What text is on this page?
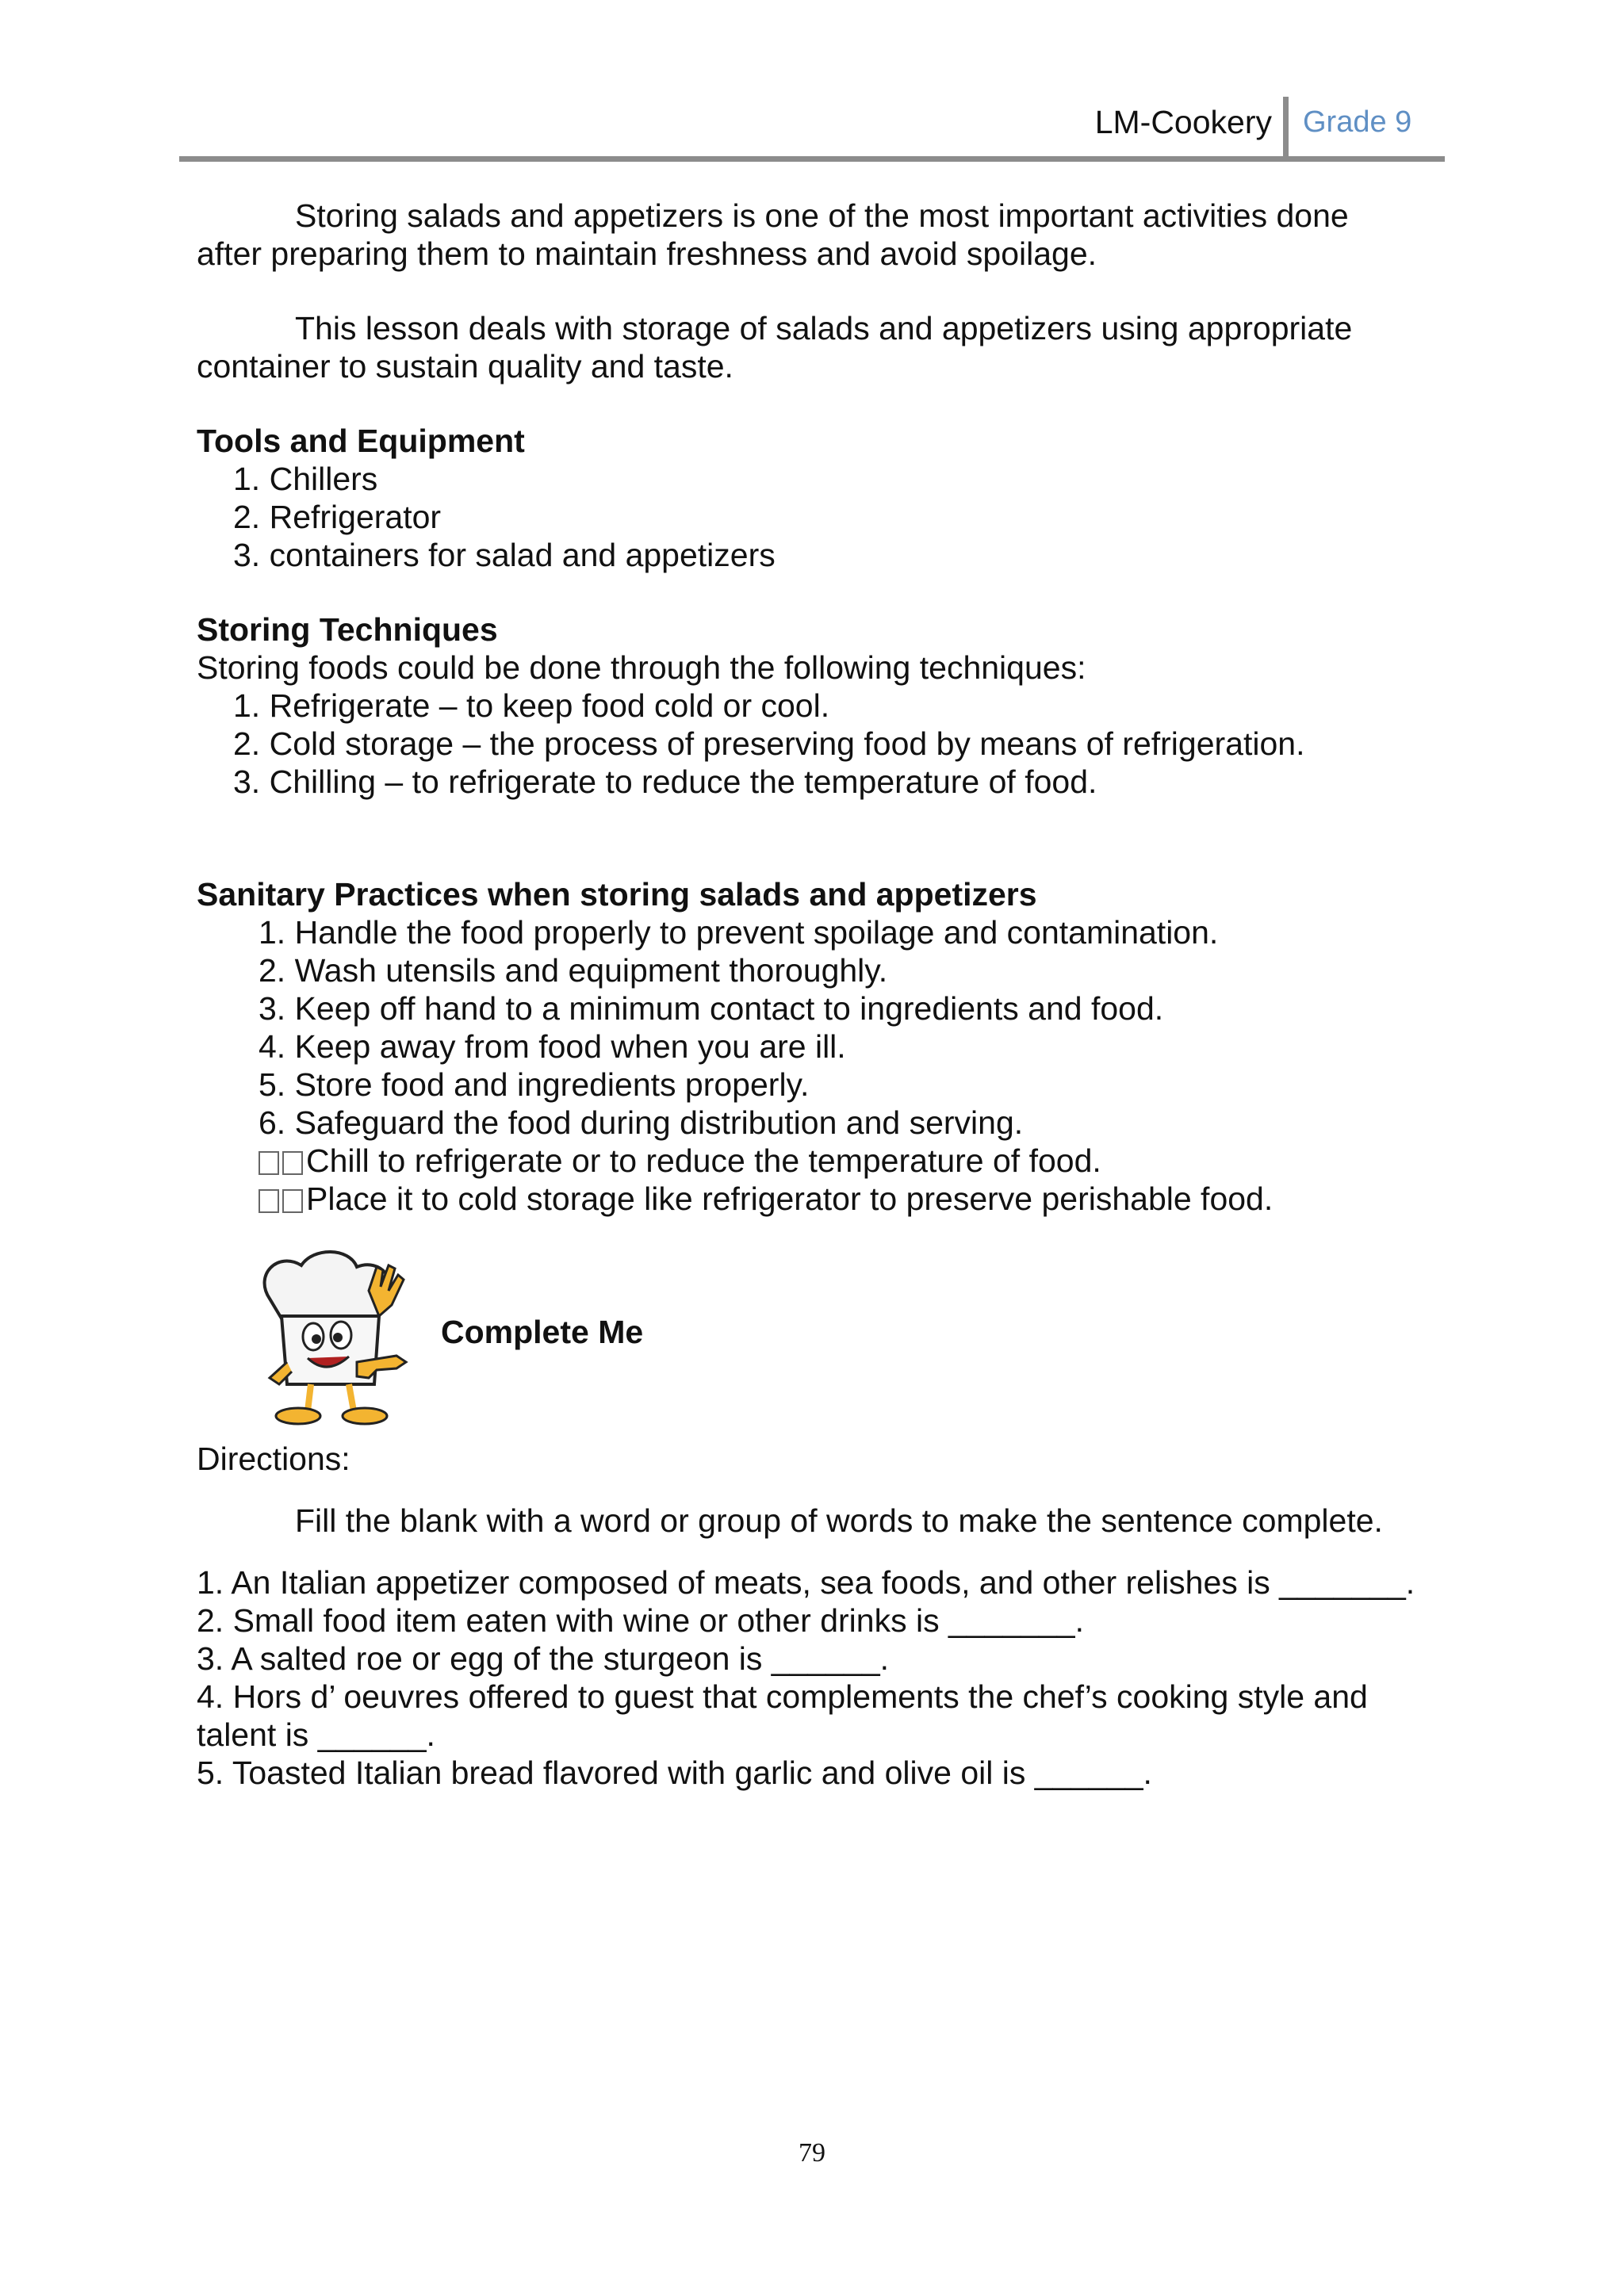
LM-Cookery Grade 9
Storing salads and appetizers is one of the most important activities done
after preparing them to maintain freshness and avoid spoilage.
This lesson deals with storage of salads and appetizers using appropriate
container to sustain quality and taste.
Tools and Equipment
1. Chillers
2. Refrigerator
3. containers for salad and appetizers
Storing Techniques
Storing foods could be done through the following techniques:
1. Refrigerate – to keep food cold or cool.
2. Cold storage – the process of preserving food by means of refrigeration.
3. Chilling – to refrigerate to reduce the temperature of food.
Sanitary Practices when storing salads and appetizers
1. Handle the food properly to prevent spoilage and contamination.
2. Wash utensils and equipment thoroughly.
3. Keep off hand to a minimum contact to ingredients and food.
4. Keep away from food when you are ill.
5. Store food and ingredients properly.
6. Safeguard the food during distribution and serving.
Chill to refrigerate or to reduce the temperature of food.
Place it to cold storage like refrigerator to preserve perishable food.
Complete Me
Directions:
Fill the blank with a word or group of words to make the sentence complete.
1. An Italian appetizer composed of meats, sea foods, and other relishes is _______.
2. Small food item eaten with wine or other drinks is _______.
3. A salted roe or egg of the sturgeon is ______.
4. Hors d’ oeuvres offered to guest that complements the chef’s cooking style and
talent is ______.
5. Toasted Italian bread flavored with garlic and olive oil is ______.
79
